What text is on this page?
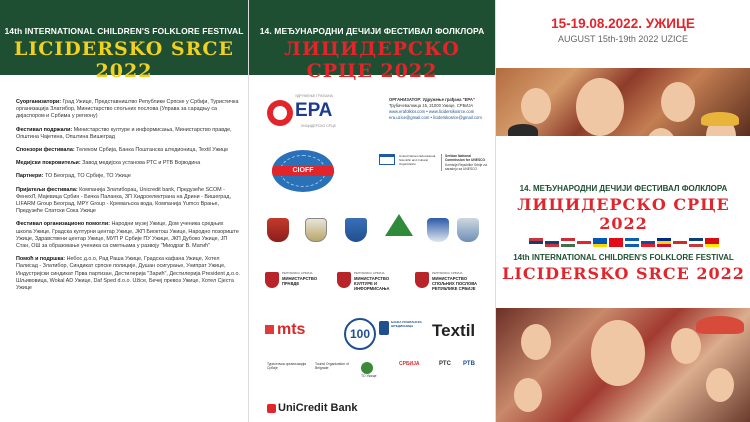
14th INTERNATIONAL CHILDREN'S FOLKLORE FESTIVAL
LICIDERSKO SRCE 2022
Суорганизатори: Град Ужице, Представништво Републике Српске у Србији, Туристичка организација Златибор, Министарство спољних послова (Управа за сарадњу са дијаспором и Србима у региону)
Фестивал подржали: Министарство културе и информисања, Министарство правде, Општина Чајетина, Општина Вишеград
Спонзори фестивала: Телеком Србија, Банка Поштанска штедионица, Textil Ужице
Медијски покровитељи: Завод медијска установа РТС и РТВ Војводина
Партнери: ТО Београд, ТО Србије, ТО Ужице
Пријатељи фестивала: Компанија Златиборац, Unicredit bank, Предузеће SCOM - ФенехЛ, Мајевица Србин - Бачка Паланка, ЗП Хидроелектрана на Дрини - Вишеград, LIFARM Group Београд, MPY Group - Кремаљска вода, Компанија Yumco Врање, Предузеће Спатски Сока Ужице
Фестивал организационо помогли: Народни музеј Ужице, Дом ученика средњих школа Ужице, Градска културни центар Ужице, ЈКП Биоктош Ужице, Народно позориште Ужице, Здравствени центар Ужице, МУП Р Србије ПУ Ужице, ЈКП Дубоко Ужице, ЈП Стан, ОШ за образовање ученика са сметњама у развоју "Миодраг В. Матић"
Помоћ и подршка: Небос д.о.о, Рад Раша Ужице, Градска кафана Ужице, Хотел Палисад - Златибор, Синдикат српске полиције, Душан осигурање, Унипрат Ужице, Индустријски синдикат Прва партизан, Дестилерија "Зарић", Дестилерија President д.о.о. Шљивовица, Wokal AD Ужице, Daf Sped d.o.o. Užice, Бечеј превоз Ужице, Хотел Сјеста Ужице
14. МЕЂУНАРОДНИ ДЕЧИЈИ ФЕСТИВАЛ ФОЛКЛОРА
ЛИЦИДЕРСКО СРЦЕ 2022
УДРУЖЕЊЕ ГРАЂАНА
ЕРА
ЛИЦИДЕРСКО СРЦЕ
ОРГАНИЗАТОР: Удружење грађана "ЕРА"
Трубачевалница 15, 31000 Ужице, СРБИЈА
www.erafolklor.com • www.licidersikosrce.com
era.uzice@gmail.com • liciderskosrce@gmail.com
CIOFF
United Nations Educational, Scientific and Cultural Organization
Serbian National Commission for UNESCO
Komisija Republike Srbije za saradnju sa UNESCO
РЕПУБЛИКА СРБИЈА
МИНИСТАРСТВО ПРАВДЕ
РЕПУБЛИКА СРБИЈА
МИНИСТАРСТВО КУЛТУРЕ И ИНФОРМИСАЊА
РЕПУБЛИКА СРБИЈА
МИНИСТАРСТВО СПОЉНИХ ПОСЛОВА РЕПУБЛИКЕ СРБИЈЕ
mts	100
БАНКА ПОШТАНСКА ШТЕДИОНИЦА	Textil
Туристичка организација Србије
Tourist Organization of Belgrade
ТО Ужице
СРБИЈА	РТС	РТВ
UniCredit Bank
15-19.08.2022. УЖИЦЕ
AUGUST 15th-19th 2022 UZICE
14. МЕЂУНАРОДНИ ДЕЧИЈИ ФЕСТИВАЛ ФОЛКЛОРА
ЛИЦИДЕРСКО СРЦЕ 2022
14th INTERNATIONAL CHILDREN'S FOLKLORE FESTIVAL
LICIDERSKO SRCE 2022
